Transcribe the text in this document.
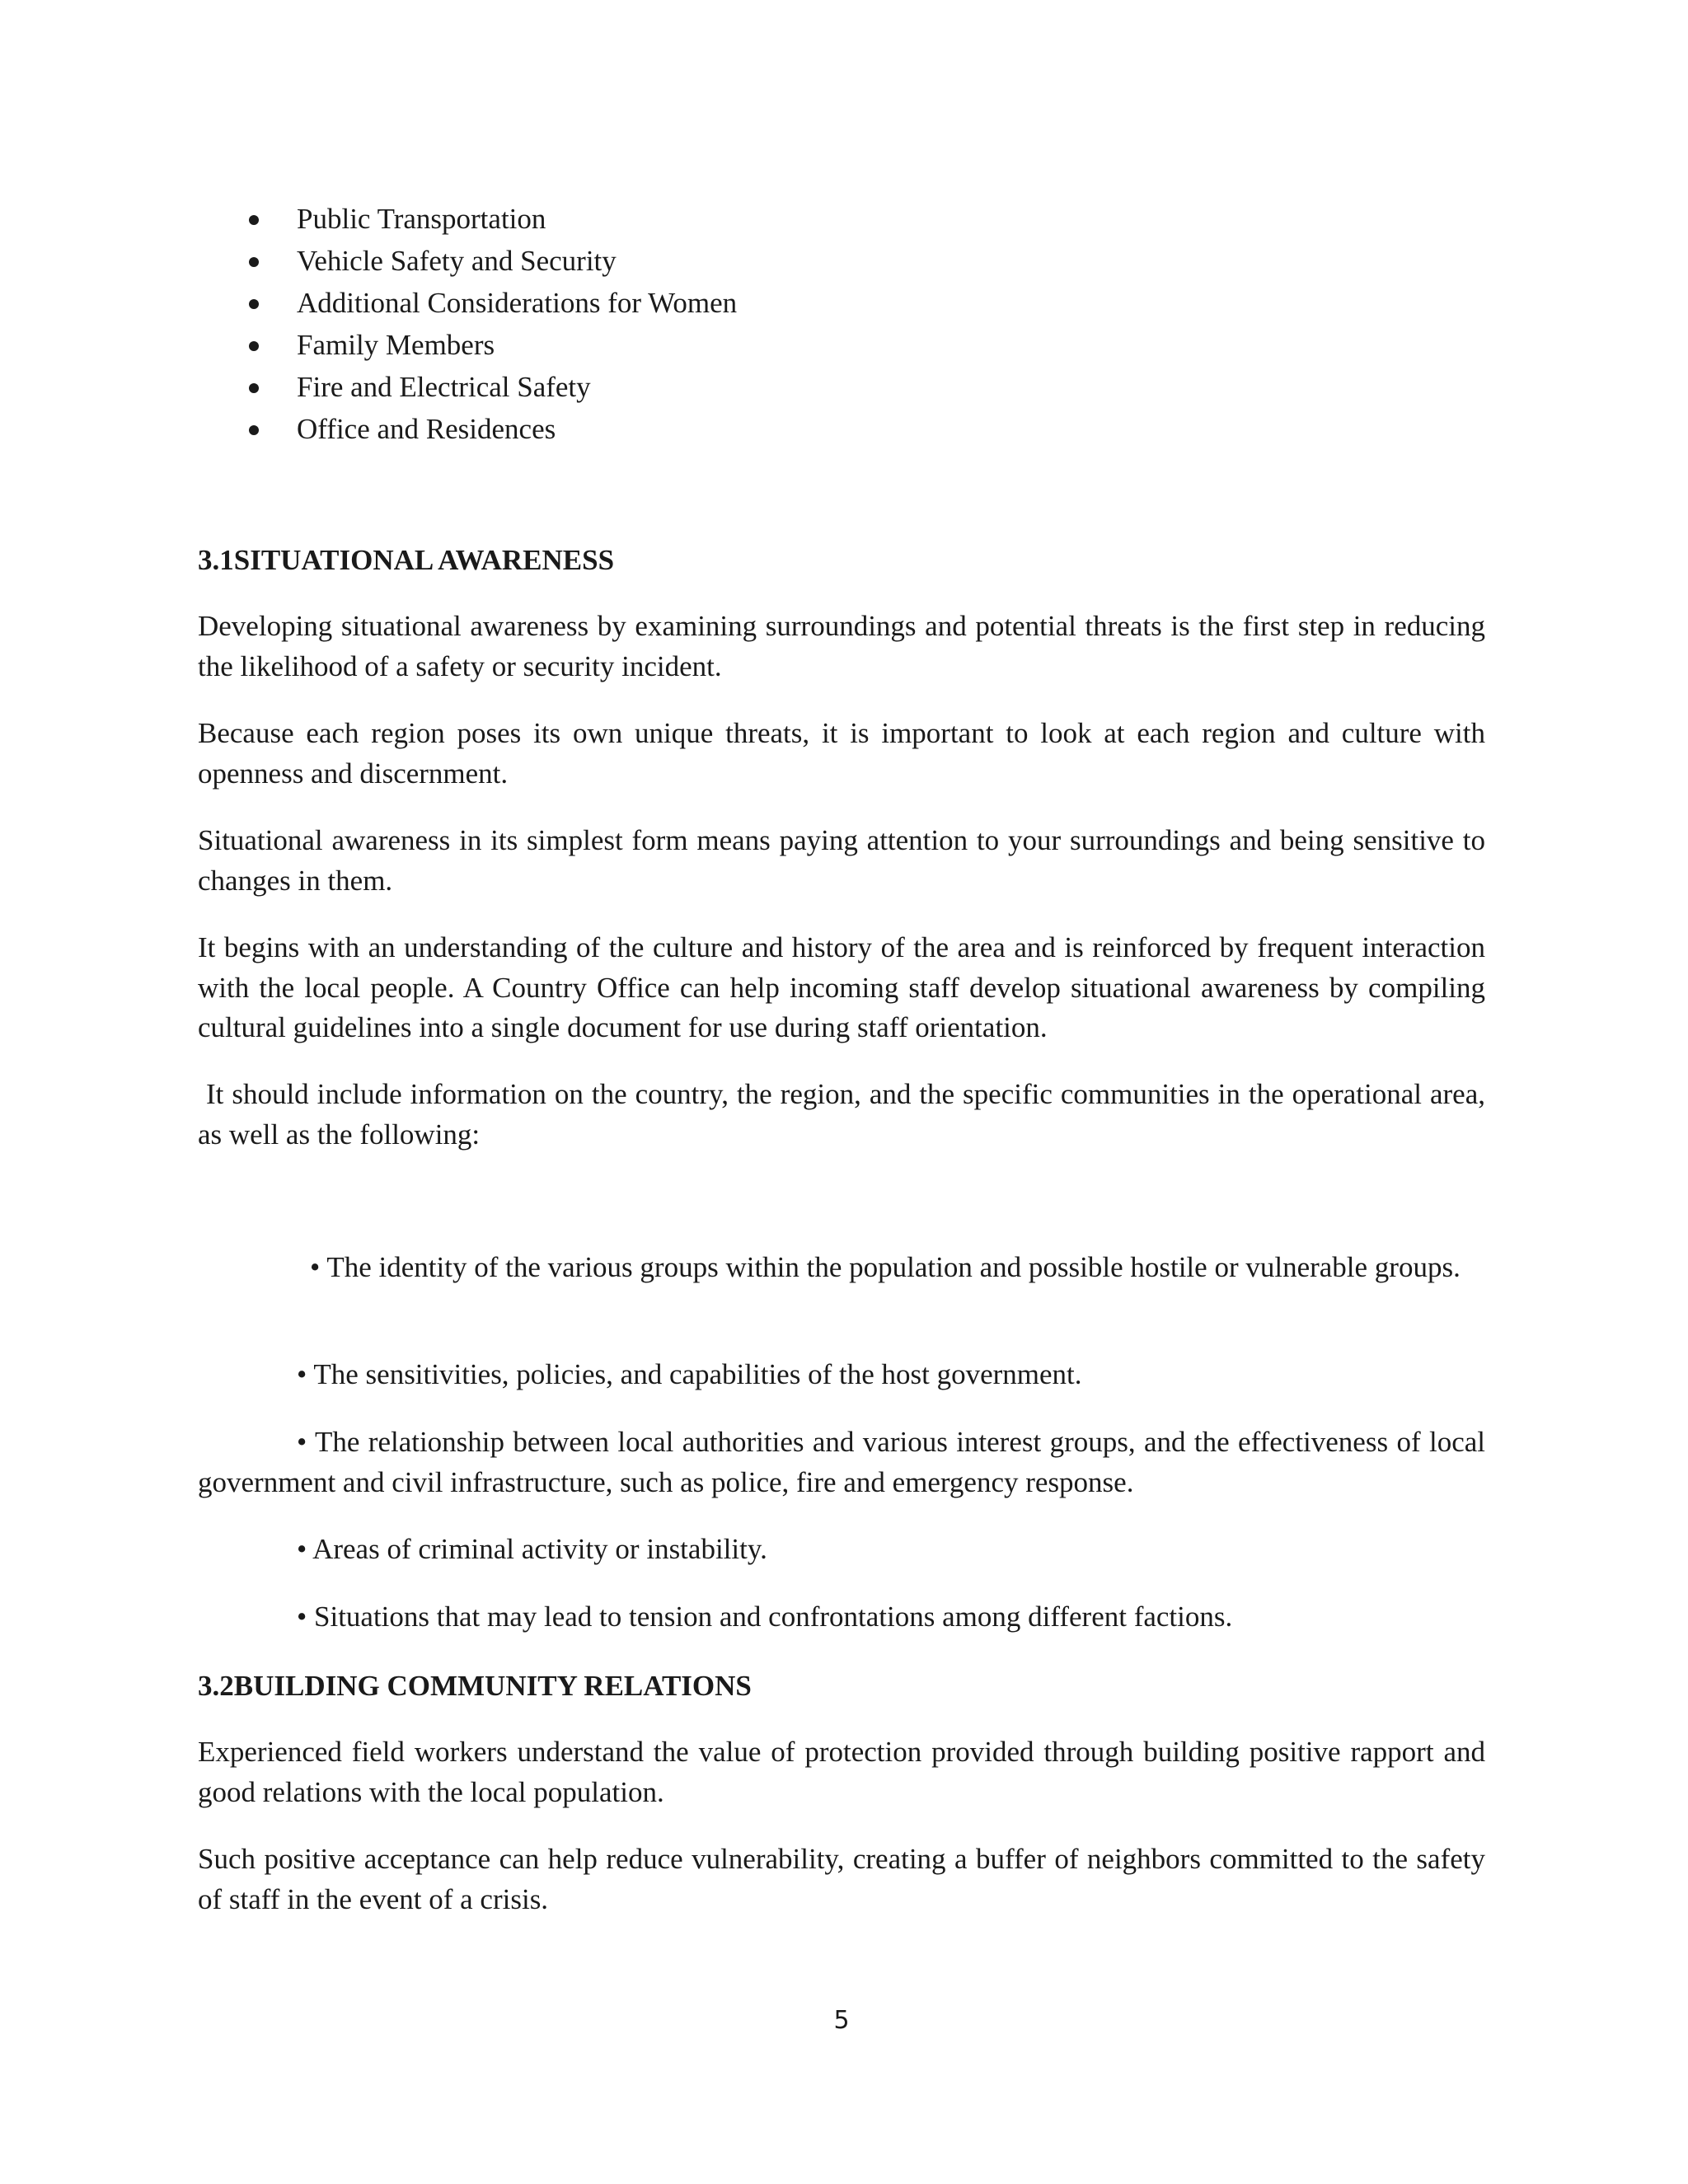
Public Transportation
Vehicle Safety and Security
Additional Considerations for Women
Family Members
Fire and Electrical Safety
Office and Residences
3.1SITUATIONAL AWARENESS

Developing situational awareness by examining surroundings and potential threats is the first step in reducing the likelihood of a safety or security incident.

Because each region poses its own unique threats, it is important to look at each region and culture with openness and discernment.

Situational awareness in its simplest form means paying attention to your surroundings and being sensitive to changes in them.

It begins with an understanding of the culture and history of the area and is reinforced by frequent interaction with the local people. A Country Office can help incoming staff develop situational awareness by compiling cultural guidelines into a single document for use during staff orientation.

It should include information on the country, the region, and the specific communities in the operational area, as well as the following:

• The identity of the various groups within the population and possible hostile or vulnerable groups.

• The sensitivities, policies, and capabilities of the host government.

• The relationship between local authorities and various interest groups, and the effectiveness of local government and civil infrastructure, such as police, fire and emergency response.

• Areas of criminal activity or instability.

• Situations that may lead to tension and confrontations among different factions.

3.2BUILDING COMMUNITY RELATIONS

Experienced field workers understand the value of protection provided through building positive rapport and good relations with the local population.

Such positive acceptance can help reduce vulnerability, creating a buffer of neighbors committed to the safety of staff in the event of a crisis.

5
